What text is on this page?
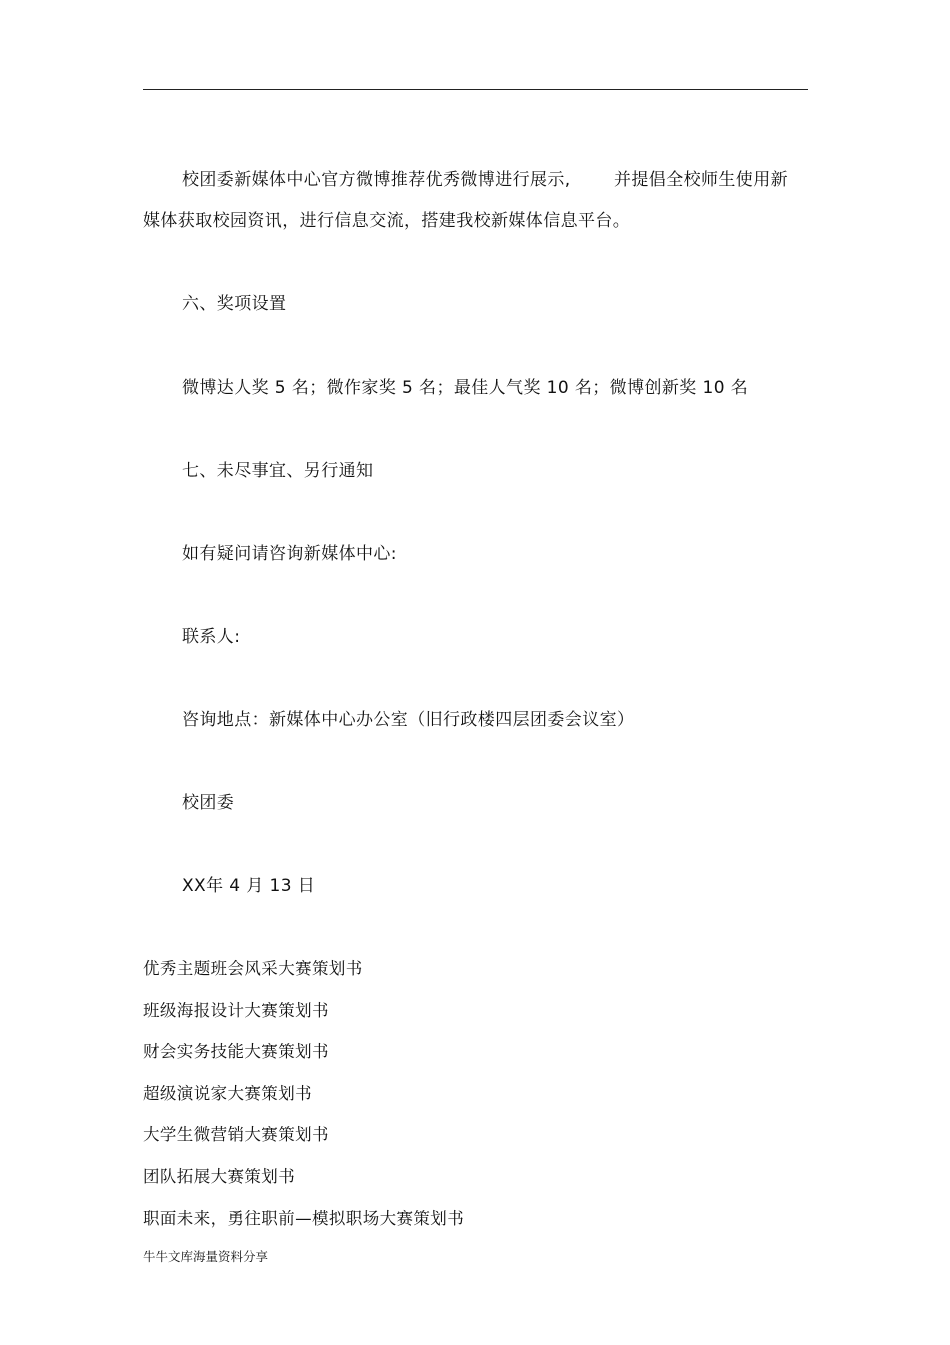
校团委新媒体中心官方微博推荐优秀微博进行展示,	并提倡全校师生使用新
媒体获取校园资讯，进行信息交流，搭建我校新媒体信息平台。
六、奖项设置
微博达人奖 5 名；微作家奖 5 名；最佳人气奖 10 名；微博创新奖 10 名
七、未尽事宜、另行通知
如有疑问请咨询新媒体中心:
联系人:
咨询地点：新媒体中心办公室（旧行政楼四层团委会议室）
校团委
XX年 4 月 13 日
优秀主题班会风采大赛策划书
班级海报设计大赛策划书
财会实务技能大赛策划书
超级演说家大赛策划书
大学生微营销大赛策划书
团队拓展大赛策划书
职面未来，勇往职前—模拟职场大赛策划书
牛牛文库海量资料分享
